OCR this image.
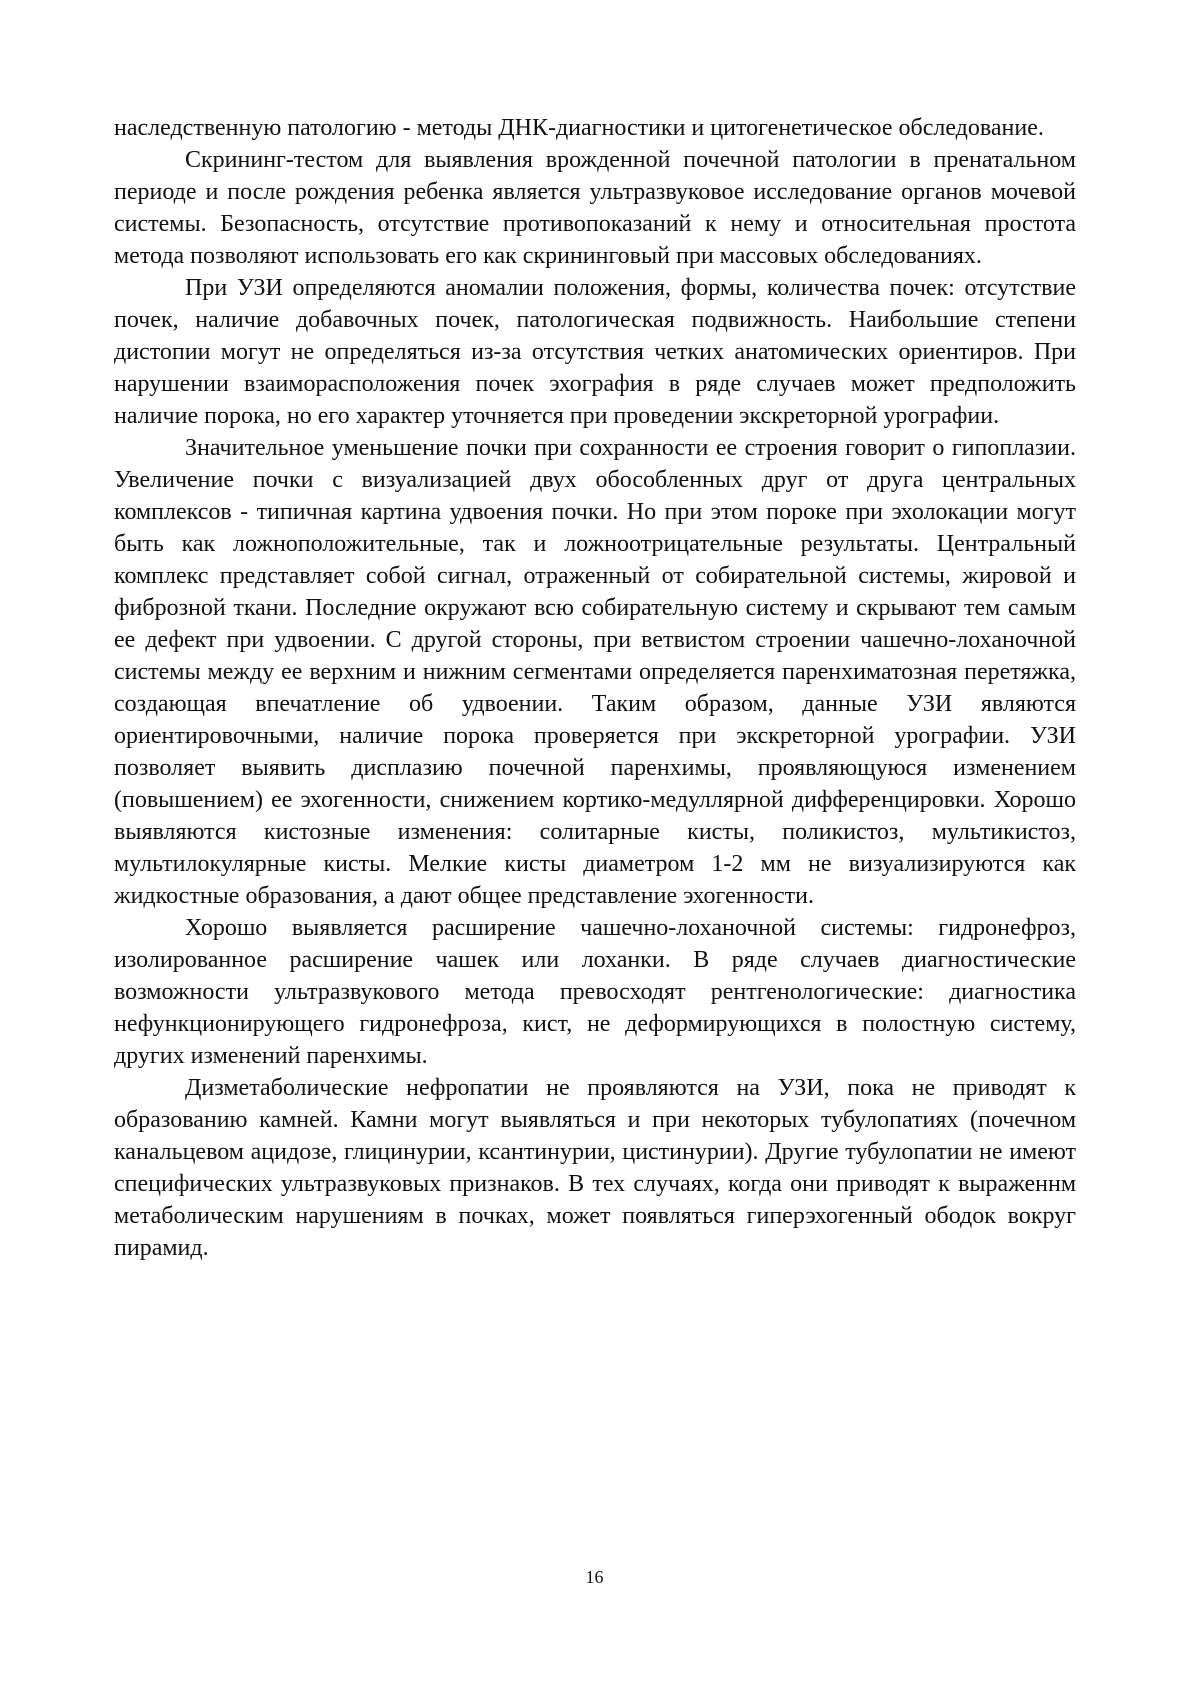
наследственную патологию - методы ДНК-диагностики и цитогенетическое обследование.

Скрининг-тестом для выявления врожденной почечной патологии в пренатальном периоде и после рождения ребенка является ультразвуковое исследование органов мочевой системы. Безопасность, отсутствие противопоказаний к нему и относительная простота метода позволяют использовать его как скрининговый при массовых обследованиях.

При УЗИ определяются аномалии положения, формы, количества почек: отсутствие почек, наличие добавочных почек, патологическая подвижность. Наибольшие степени дистопии могут не определяться из-за отсутствия четких анатомических ориентиров. При нарушении взаиморасположения почек эхография в ряде случаев может предположить наличие порока, но его характер уточняется при проведении экскреторной урографии.

Значительное уменьшение почки при сохранности ее строения говорит о гипоплазии. Увеличение почки с визуализацией двух обособленных друг от друга центральных комплексов - типичная картина удвоения почки. Но при этом пороке при эхолокации могут быть как ложноположительные, так и ложноотрицательные результаты. Центральный комплекс представляет собой сигнал, отраженный от собирательной системы, жировой и фиброзной ткани. Последние окружают всю собирательную систему и скрывают тем самым ее дефект при удвоении. С другой стороны, при ветвистом строении чашечно-лоханочной системы между ее верхним и нижним сегментами определяется паренхиматозная перетяжка, создающая впечатление об удвоении. Таким образом, данные УЗИ являются ориентировочными, наличие порока проверяется при экскреторной урографии. УЗИ позволяет выявить дисплазию почечной паренхимы, проявляющуюся изменением (повышением) ее эхогенности, снижением кортико-медуллярной дифференцировки. Хорошо выявляются кистозные изменения: солитарные кисты, поликистоз, мультикистоз, мультилокулярные кисты. Мелкие кисты диаметром 1-2 мм не визуализируются как жидкостные образования, а дают общее представление эхогенности.

Хорошо выявляется расширение чашечно-лоханочной системы: гидронефроз, изолированное расширение чашек или лоханки. В ряде случаев диагностические возможности ультразвукового метода превосходят рентгенологические: диагностика нефункционирующего гидронефроза, кист, не деформирующихся в полостную систему, других изменений паренхимы.

Дизметаболические нефропатии не проявляются на УЗИ, пока не приводят к образованию камней. Камни могут выявляться и при некоторых тубулопатиях (почечном канальцевом ацидозе, глицинурии, ксантинурии, цистинурии). Другие тубулопатии не имеют специфических ультразвуковых признаков. В тех случаях, когда они приводят к выраженнм метаболическим нарушениям в почках, может появляться гиперэхогенный ободок вокруг пирамид.

16
